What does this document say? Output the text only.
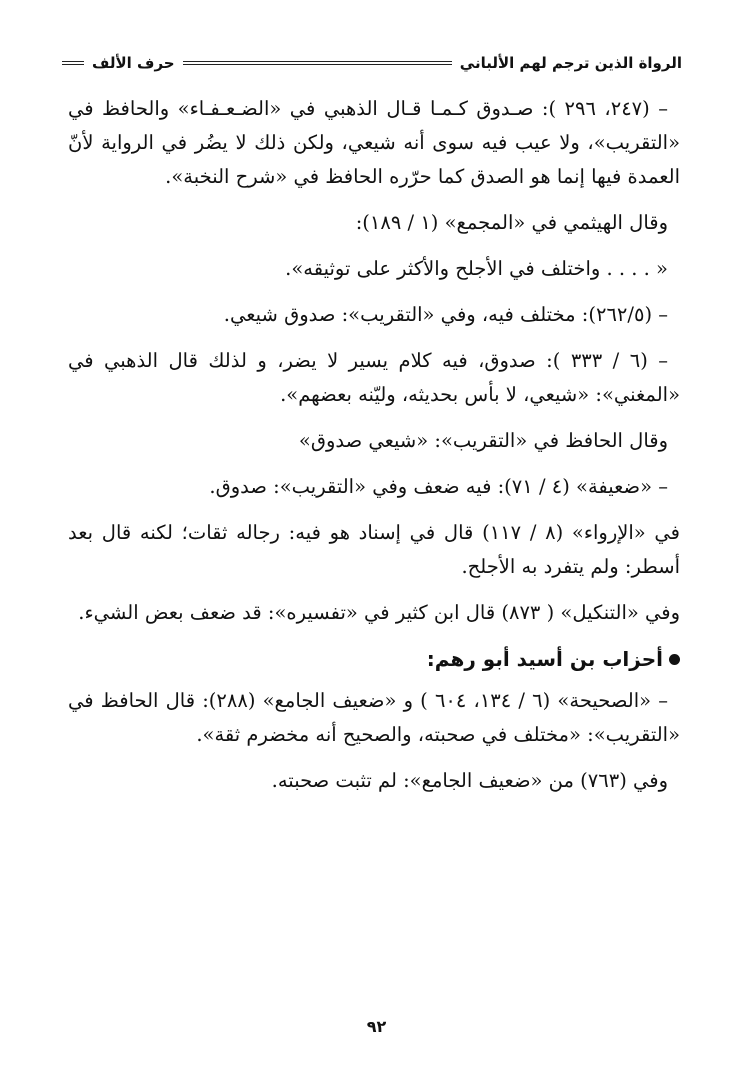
الرواة الذين ترجم لهم الألباني
حرف الألف

– (٢٤٧، ٢٩٦ ): صـدوق كـمـا قـال الذهبي في «الضـعـفـاء» والحافظ في «التقريب»، ولا عيب فيه سوى أنه شيعي، ولكن ذلك لا يضُر في الرواية لأنّ العمدة فيها إنما هو الصدق كما حرّره الحافظ في «شرح النخبة».

وقال الهيثمي في «المجمع» (١ / ١٨٩):

« . . . . واختلف في الأجلح والأكثر على توثيقه».

– (٢٦٢/٥): مختلف فيه، وفي «التقريب»: صدوق شيعي.

– (٦ / ٣٣٣ ): صدوق، فيه كلام يسير لا يضر، و لذلك قال الذهبي في «المغني»: «شيعي، لا بأس بحديثه، وليّنه بعضهم».

وقال الحافظ في «التقريب»: «شيعي صدوق»

– «ضعيفة» (٤ / ٧١): فيه ضعف وفي «التقريب»: صدوق.

في «الإرواء» (٨ / ١١٧) قال في إسناد هو فيه: رجاله ثقات؛ لكنه قال بعد أسطر: ولم يتفرد به الأجلح.

وفي «التنكيل» ( ٨٧٣) قال ابن كثير في «تفسيره»: قد ضعف بعض الشيء.

أحزاب بن أسيد أبو رهم:

– «الصحيحة» (٦ / ١٣٤، ٦٠٤ ) و «ضعيف الجامع» (٢٨٨): قال الحافظ في «التقريب»: «مختلف في صحبته، والصحيح أنه مخضرم ثقة».

وفي (٧٦٣) من «ضعيف الجامع»: لم تثبت صحبته.

٩٢
